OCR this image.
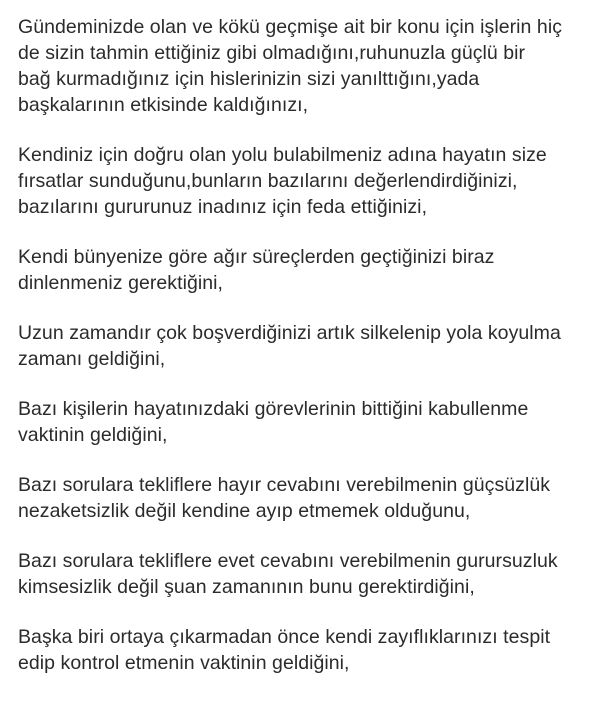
Gündeminizde olan ve kökü geçmişe ait bir konu için işlerin hiç
de sizin tahmin ettiğiniz gibi olmadığını,ruhunuzla güçlü bir
bağ kurmadığınız için hislerinizin sizi yanılttığını,yada
başkalarının etkisinde kaldığınızı,
Kendiniz için doğru olan yolu bulabilmeniz adına hayatın size
fırsatlar sunduğunu,bunların bazılarını değerlendirdiğinizi,
bazılarını gururunuz inadınız için feda ettiğinizi,
Kendi bünyenize göre ağır süreçlerden geçtiğinizi biraz
dinlenmeniz gerektiğini,
Uzun zamandır çok boşverdiğinizi artık silkelenip yola koyulma
zamanı geldiğini,
Bazı kişilerin hayatınızdaki görevlerinin bittiğini kabullenme
vaktinin geldiğini,
Bazı sorulara tekliflere hayır cevabını verebilmenin güçsüzlük
nezaketsizlik değil kendine ayıp etmemek olduğunu,
Bazı sorulara tekliflere evet cevabını verebilmenin gurursuzluk
kimsesizlik değil şuan zamanının bunu gerektirdiğini,
Başka biri ortaya çıkarmadan önce kendi zayıflıklarınızı tespit
edip kontrol etmenin vaktinin geldiğini,
